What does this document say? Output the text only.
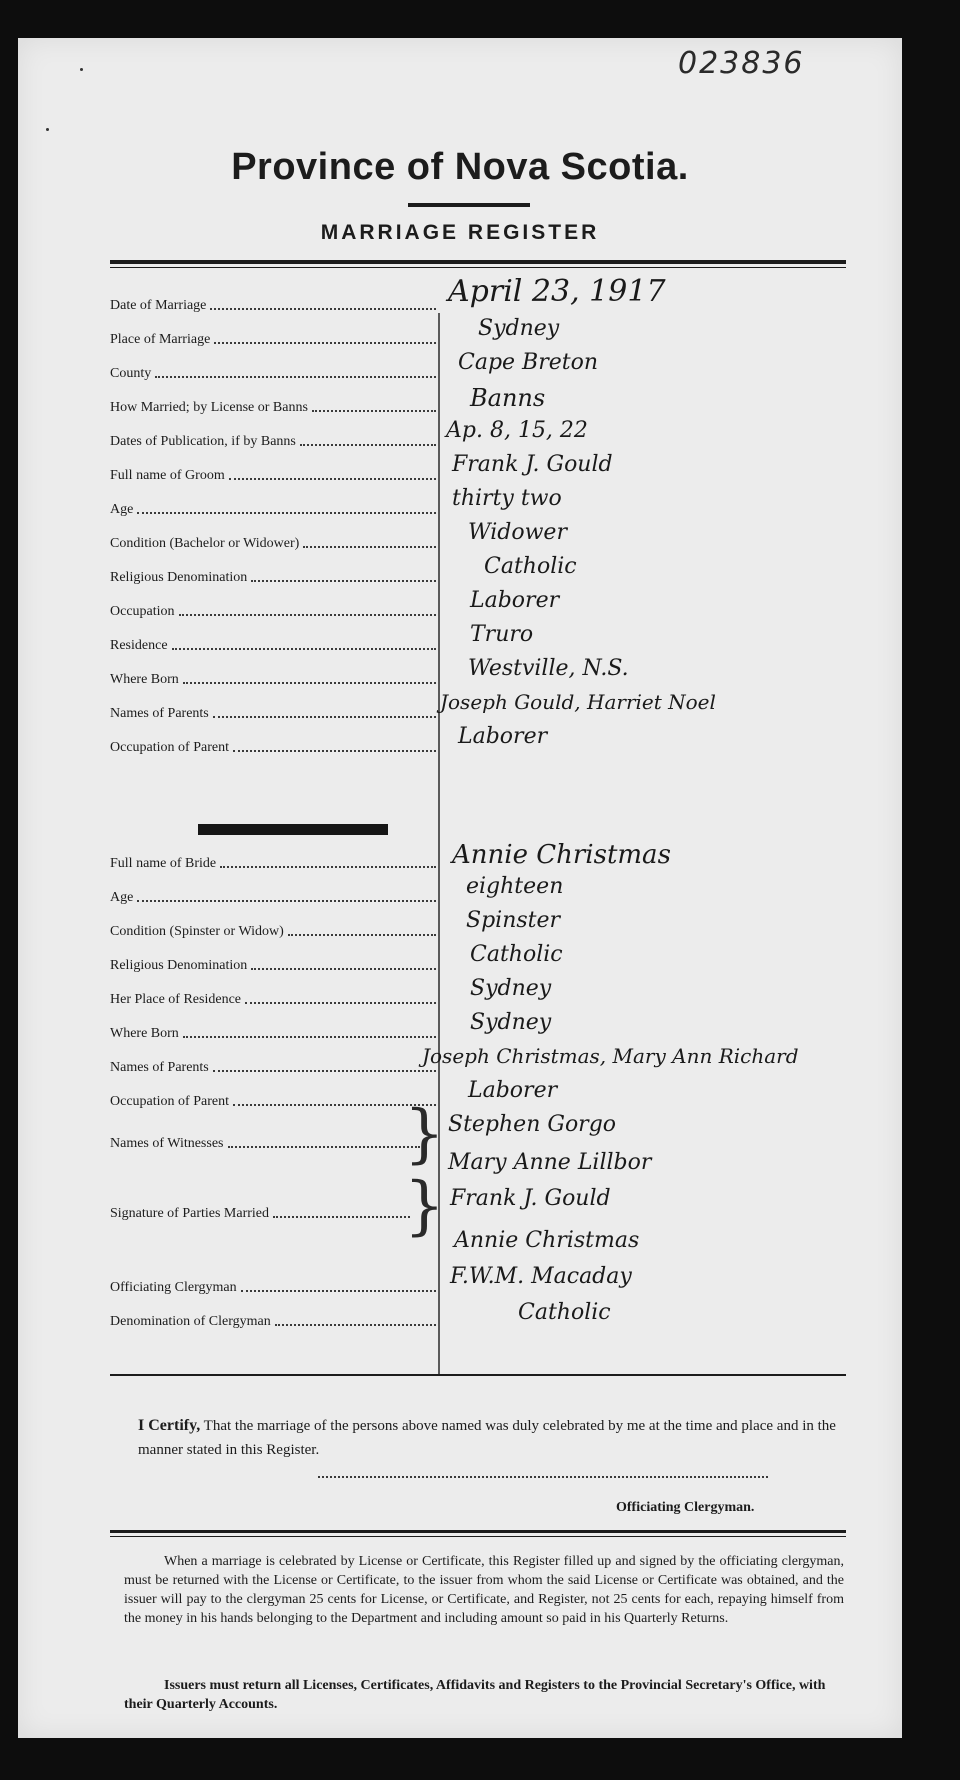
023836
Province of Nova Scotia.
MARRIAGE REGISTER
Date of Marriage
Place of Marriage
County
How Married; by License or Banns
Dates of Publication, if by Banns
Full name of Groom
Age
Condition (Bachelor or Widower)
Religious Denomination
Occupation
Residence
Where Born
Names of Parents
Occupation of Parent
April 23, 1917
Sydney
Cape Breton
Banns
Ap. 8, 15, 22
Frank J. Gould
thirty two
Widower
Catholic
Laborer
Truro
Westville, N.S.
Joseph Gould, Harriet Noel
Laborer
Full name of Bride
Age
Condition (Spinster or Widow)
Religious Denomination
Her Place of Residence
Where Born
Names of Parents
Occupation of Parent
Annie Christmas
eighteen
Spinster
Catholic
Sydney
Sydney
Joseph Christmas, Mary Ann Richard
Laborer
Names of Witnesses	} Stephen Gorgo
Mary Anne Lillbor
Signature of Parties Married } Frank J. Gould
Annie Christmas
Officiating Clergyman
Denomination of Clergyman
F.W.M. Macaday
Catholic
I Certify, That the marriage of the persons above named was duly celebrated by me at the time and place and in the manner stated in this Register.
Officiating Clergyman.
When a marriage is celebrated by License or Certificate, this Register filled up and signed by the officiating clergyman, must be returned with the License or Certificate, to the issuer from whom the said License or Certificate was obtained, and the issuer will pay to the clergyman 25 cents for License, or Certificate, and Register, not 25 cents for each, repaying himself from the money in his hands belonging to the Department and including amount so paid in his Quarterly Returns.
Issuers must return all Licenses, Certificates, Affidavits and Registers to the Provincial Secretary's Office, with their Quarterly Accounts.
